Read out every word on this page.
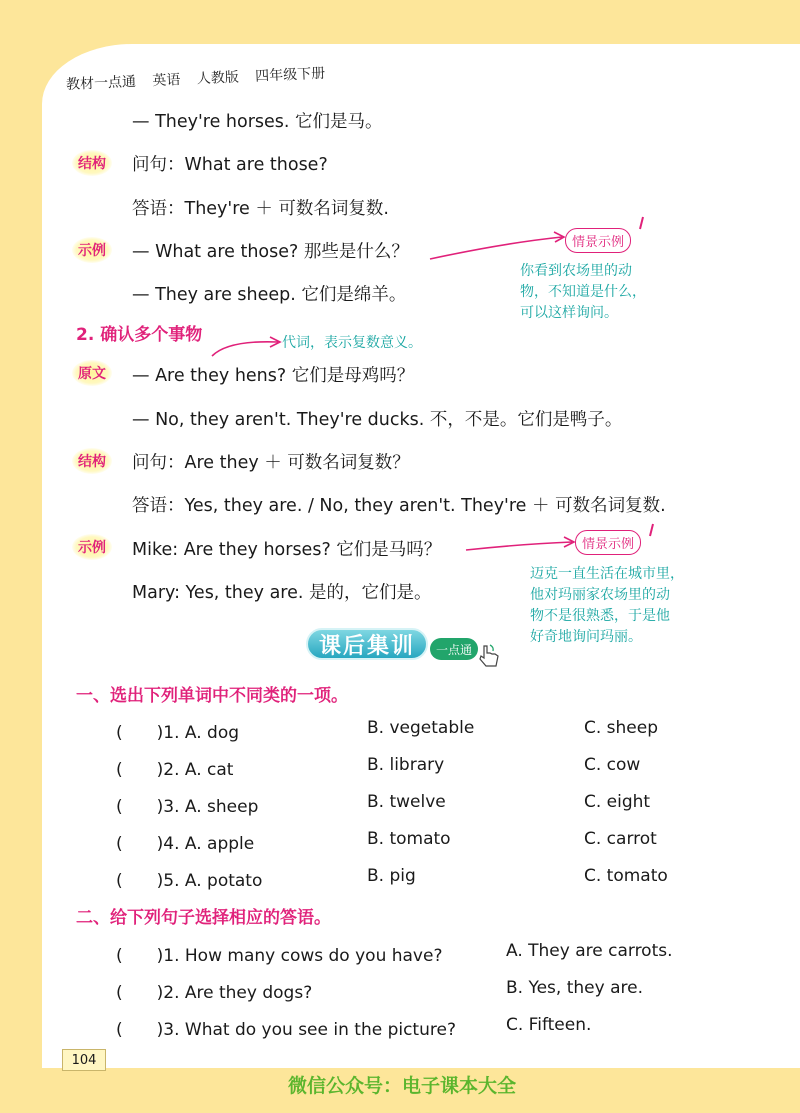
教材一点通 英语 人教版 四年级下册
— They're horses. 它们是马。
结构	问句：What are those?
答语：They're ＋ 可数名词复数.
示例	— What are those? 那些是什么？
— They are sheep. 它们是绵羊。
情景示例
你看到农场里的动
物，不知道是什么，
可以这样询问。
2. 确认多个事物	代词，表示复数意义。
原文	— Are they hens? 它们是母鸡吗？
— No, they aren't. They're ducks. 不，不是。它们是鸭子。
结构	问句：Are they ＋ 可数名词复数？
答语：Yes, they are. / No, they aren't. They're ＋ 可数名词复数.
示例	Mike: Are they horses? 它们是马吗？
Mary: Yes, they are. 是的，它们是。
情景示例
迈克一直生活在城市里，
他对玛丽家农场里的动
物不是很熟悉，于是他
好奇地询问玛丽。
课后集训	一点通
一、选出下列单词中不同类的一项。
(　　)1. A. dog	B. vegetable	C. sheep
(　　)2. A. cat	B. library	C. cow
(　　)3. A. sheep	B. twelve	C. eight
(　　)4. A. apple	B. tomato	C. carrot
(　　)5. A. potato	B. pig	C. tomato
二、给下列句子选择相应的答语。
(　　)1. How many cows do you have?	A. They are carrots.
(　　)2. Are they dogs?	B. Yes, they are.
(　　)3. What do you see in the picture?	C. Fifteen.
104
微信公众号：电子课本大全
